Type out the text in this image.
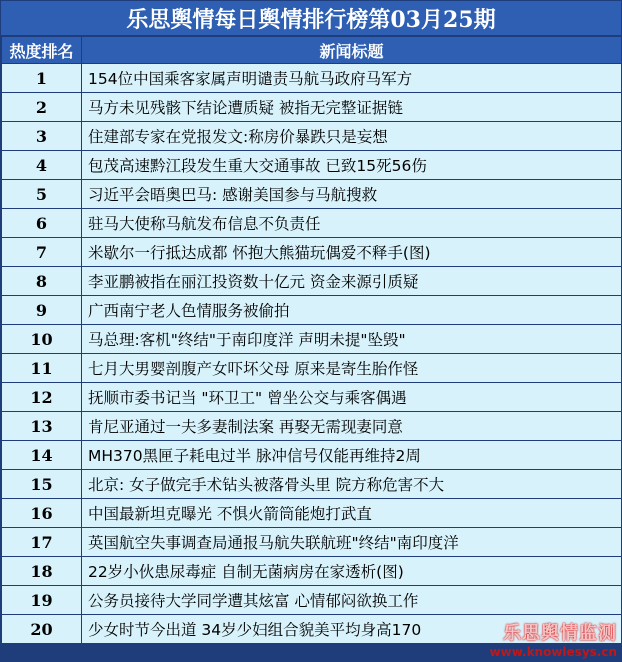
乐思舆情每日舆情排行榜第03月25期
热度排名	新闻标题
1	154位中国乘客家属声明谴责马航马政府马军方
2	马方未见残骸下结论遭质疑 被指无完整证据链
3	住建部专家在党报发文:称房价暴跌只是妄想
4	包茂高速黔江段发生重大交通事故 已致15死56伤
5	习近平会晤奥巴马: 感谢美国参与马航搜救
6	驻马大使称马航发布信息不负责任
7	米歇尔一行抵达成都 怀抱大熊猫玩偶爱不释手(图)
8	李亚鹏被指在丽江投资数十亿元 资金来源引质疑
9	广西南宁老人色情服务被偷拍
10	马总理:客机"终结"于南印度洋 声明未提"坠毁"
11	七月大男婴剖腹产女吓坏父母 原来是寄生胎作怪
12	抚顺市委书记当 "环卫工" 曾坐公交与乘客偶遇
13	肯尼亚通过一夫多妻制法案 再娶无需现妻同意
14	MH370黑匣子耗电过半 脉冲信号仅能再维持2周
15	北京: 女子做完手术钻头被落骨头里 院方称危害不大
16	中国最新坦克曝光 不惧火箭筒能炮打武直
17	英国航空失事调查局通报马航失联航班"终结"南印度洋
18	22岁小伙患尿毒症 自制无菌病房在家透析(图)
19	公务员接待大学同学遭其炫富 心情郁闷欲换工作
20	少女时节今出道 34岁少妇组合貌美平均身高170	乐思舆情监测
www.knowlesys.cn
